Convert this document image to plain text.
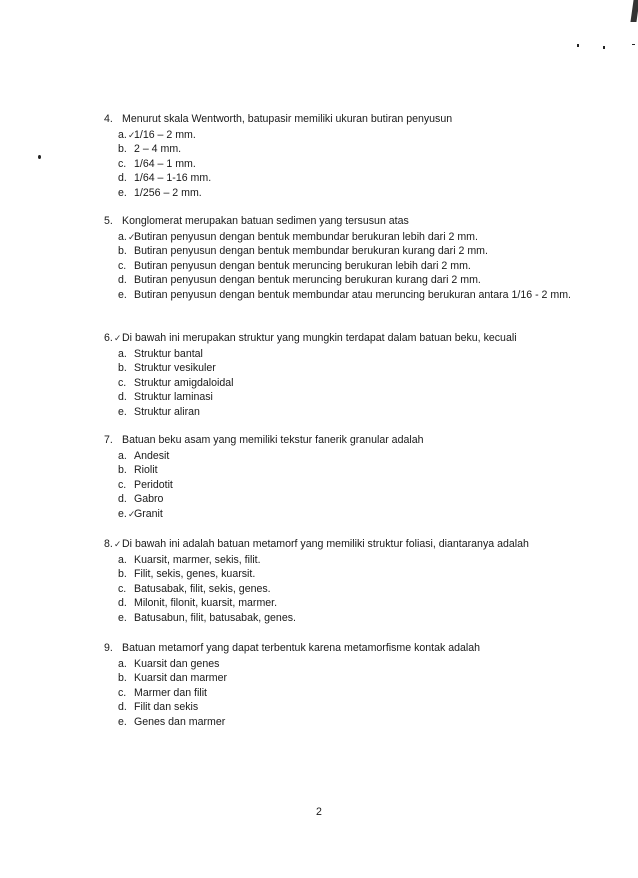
4. Menurut skala Wentworth, batupasir memiliki ukuran butiran penyusun
a.✓
1/16 – 2 mm.
b. 2 – 4 mm.
c. 1/64 – 1 mm.
d. 1/64 – 1-16 mm.
e. 1/256 – 2 mm.
5. Konglomerat merupakan batuan sedimen yang tersusun atas
a.✓
Butiran penyusun dengan bentuk membundar berukuran lebih dari 2 mm.
b. Butiran penyusun dengan bentuk membundar berukuran kurang dari 2 mm.
c. Butiran penyusun dengan bentuk meruncing berukuran lebih dari 2 mm.
d. Butiran penyusun dengan bentuk meruncing berukuran kurang dari 2 mm.
e. Butiran penyusun dengan bentuk membundar atau meruncing berukuran antara 1/16 - 2 mm.
6.✓ Di bawah ini merupakan struktur yang mungkin terdapat dalam batuan beku, kecuali
a. Struktur bantal
b. Struktur vesikuler
c. Struktur amigdaloidal
d. Struktur laminasi
e. Struktur aliran
7. Batuan beku asam yang memiliki tekstur fanerik granular adalah
a. Andesit
b. Riolit
c. Peridotit
d. Gabro
e.✓
Granit
8.✓ Di bawah ini adalah batuan metamorf yang memiliki struktur foliasi, diantaranya adalah
a. Kuarsit, marmer, sekis, filit.
b. Filit, sekis, genes, kuarsit.
c. Batusabak, filit, sekis, genes.
d. Milonit, filonit, kuarsit, marmer.
e. Batusabun, filit, batusabak, genes.
9. Batuan metamorf yang dapat terbentuk karena metamorfisme kontak adalah
a. Kuarsit dan genes
b. Kuarsit dan marmer
c. Marmer dan filit
d. Filit dan sekis
e. Genes dan marmer
2
